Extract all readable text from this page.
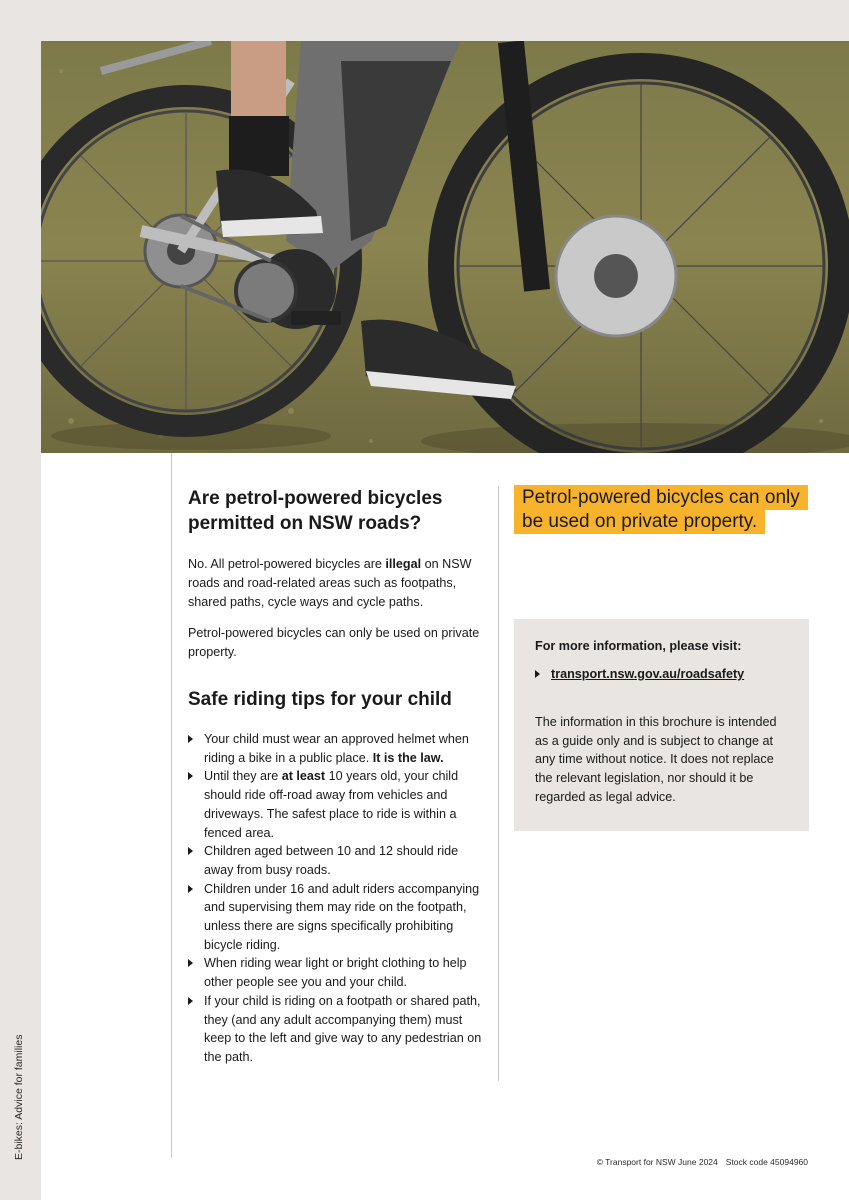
E-bikes: Advice for families
Are petrol-powered bicycles permitted on NSW roads?

No. All petrol-powered bicycles are illegal on NSW roads and road-related areas such as footpaths, shared paths, cycle ways and cycle paths.

Petrol-powered bicycles can only be used on private property.

Safe riding tips for your child
Your child must wear an approved helmet when riding a bike in a public place. It is the law.
Until they are at least 10 years old, your child should ride off-road away from vehicles and driveways. The safest place to ride is within a fenced area.
Children aged between 10 and 12 should ride away from busy roads.
Children under 16 and adult riders accompanying and supervising them may ride on the footpath, unless there are signs specifically prohibiting bicycle riding.
When riding wear light or bright clothing to help other people see you and your child.
If your child is riding on a footpath or shared path, they (and any adult accompanying them) must keep to the left and give way to any pedestrian on the path.
Petrol-powered bicycles can only be used on private property.
For more information, please visit:
transport.nsw.gov.au/roadsafety

The information in this brochure is intended as a guide only and is subject to change at any time without notice. It does not replace the relevant legislation, nor should it be regarded as legal advice.

© Transport for NSW June 2024 Stock code 45094960
